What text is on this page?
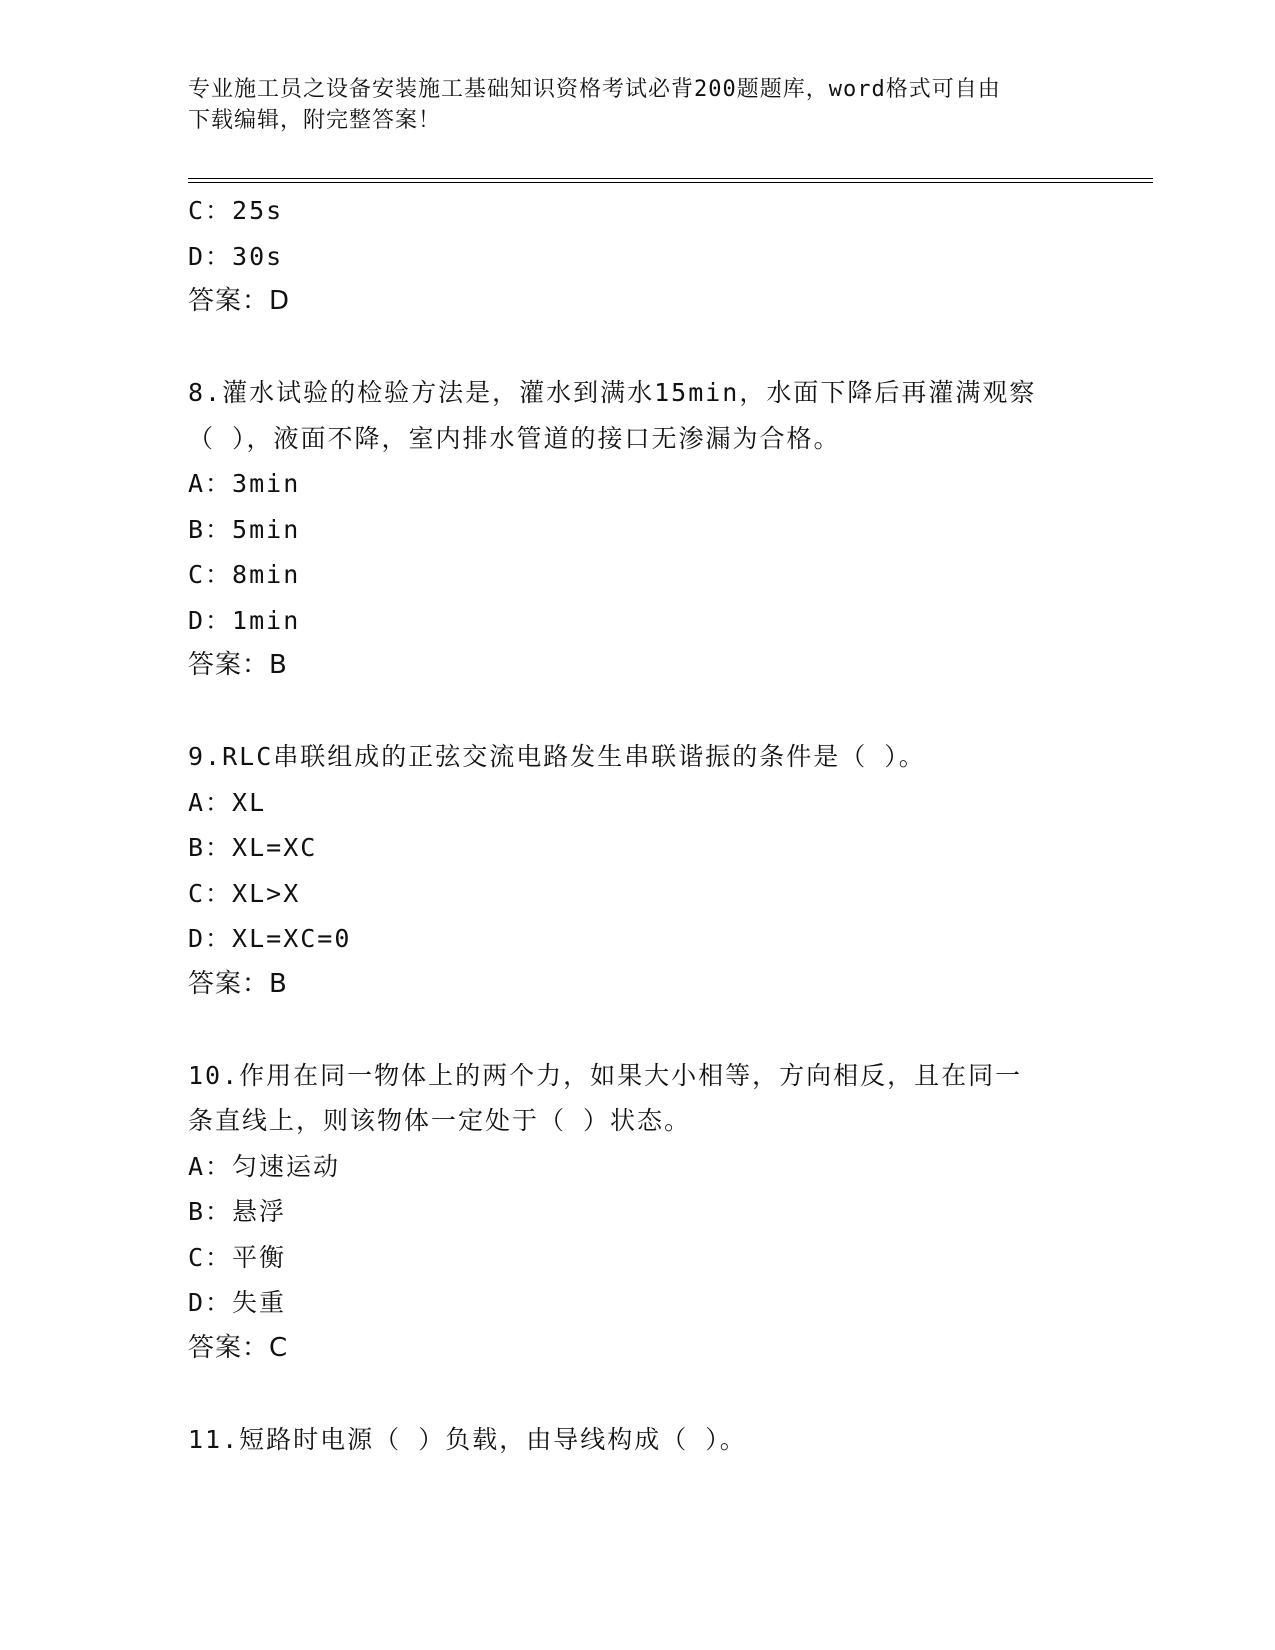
专业施工员之设备安装施工基础知识资格考试必背200题题库，word格式可自由
下载编辑，附完整答案！
C：25s
D：30s
答案：D
8.灌水试验的检验方法是，灌水到满水15min，水面下降后再灌满观察
（ ），液面不降，室内排水管道的接口无渗漏为合格。
A：3min
B：5min
C：8min
D：1min
答案：B
9.RLC串联组成的正弦交流电路发生串联谐振的条件是（ ）。
A：XL
B：XL=XC
C：XL>X
D：XL=XC=0
答案：B
10.作用在同一物体上的两个力，如果大小相等，方向相反，且在同一
条直线上，则该物体一定处于（ ）状态。
A：匀速运动
B：悬浮
C：平衡
D：失重
答案：C
11.短路时电源（ ）负载，由导线构成（ ）。
